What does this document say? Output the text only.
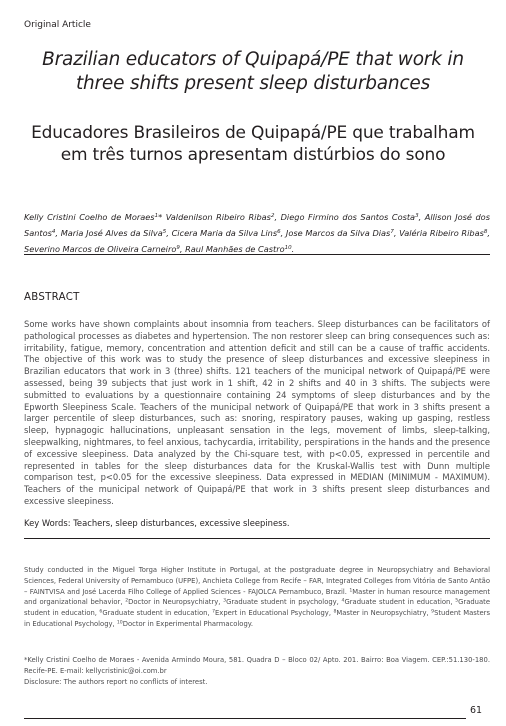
Original Article
Brazilian educators of Quipapá/PE that work in
three shifts present sleep disturbances
Educadores Brasileiros de Quipapá/PE que trabalham
em três turnos apresentam distúrbios do sono
Kelly Cristini Coelho de Moraes$^1$* Valdenilson Ribeiro Ribas$^2$, Diego Firmino dos Santos Costa$^3$, Allison José dos Santos$^4$, Maria José Alves da Silva$^5$, Cicera Maria da Silva Lins$^6$, Jose Marcos da Silva Dias$^7$, Valéria Ribeiro Ribas$^8$, Severino Marcos de Oliveira Carneiro$^9$, Raul Manhães de Castro$^{10}$.
ABSTRACT
Some works have shown complaints about insomnia from teachers. Sleep disturbances can be facilitators of pathological processes as diabetes and hypertension. The non restorer sleep can bring consequences such as: irritability, fatigue, memory, concentration and attention deficit and still can be a cause of traffic accidents. The objective of this work was to study the presence of sleep disturbances and excessive sleepiness in Brazilian educators that work in 3 (three) shifts. 121 teachers of the municipal network of Quipapá/PE were assessed, being 39 subjects that just work in 1 shift, 42 in 2 shifts and 40 in 3 shifts. The subjects were submitted to evaluations by a questionnaire containing 24 symptoms of sleep disturbances and by the Epworth Sleepiness Scale. Teachers of the municipal network of Quipapá/PE that work in 3 shifts present a larger percentile of sleep disturbances, such as: snoring, respiratory pauses, waking up gasping, restless sleep, hypnagogic hallucinations, unpleasant sensation in the legs, movement of limbs, sleep-talking, sleepwalking, nightmares, to feel anxious, tachycardia, irritability, perspirations in the hands and the presence of excessive sleepiness. Data analyzed by the Chi-square test, with p<0.05, expressed in percentile and represented in tables for the sleep disturbances data for the Kruskal-Wallis test with Dunn multiple comparison test, p<0.05 for the excessive sleepiness. Data expressed in MEDIAN (MINIMUM - MAXIMUM). Teachers of the municipal network of Quipapá/PE that work in 3 shifts present sleep disturbances and excessive sleepiness.
Key Words: Teachers, sleep disturbances, excessive sleepiness.
Study conducted in the Miguel Torga Higher Institute in Portugal, at the postgraduate degree in Neuropsychiatry and Behavioral Sciences, Federal University of Pernambuco (UFPE), Anchieta College from Recife – FAR, Integrated Colleges from Vitória de Santo Antão – FAINTVISA and José Lacerda Filho College of Applied Sciences - FAJOLCA Pernambuco, Brazil. $^1$Master in human resource management and organizational behavior, $^2$Doctor in Neuropsychiatry, $^3$Graduate student in psychology, $^4$Graduate student in education, $^5$Graduate student in education, $^6$Graduate student in education, $^7$Expert in Educational Psychology, $^8$Master in Neuropsychiatry, $^9$Student Masters in Educational Psychology, $^{10}$Doctor in Experimental Pharmacology.
*Kelly Cristini Coelho de Moraes - Avenida Armindo Moura, 581. Quadra D – Bloco 02/ Apto. 201. Bairro: Boa Viagem. CEP.:51.130-180. Recife-PE. E-mail: kellycristinic@oi.com.br
Disclosure: The authors report no conflicts of interest.
61
